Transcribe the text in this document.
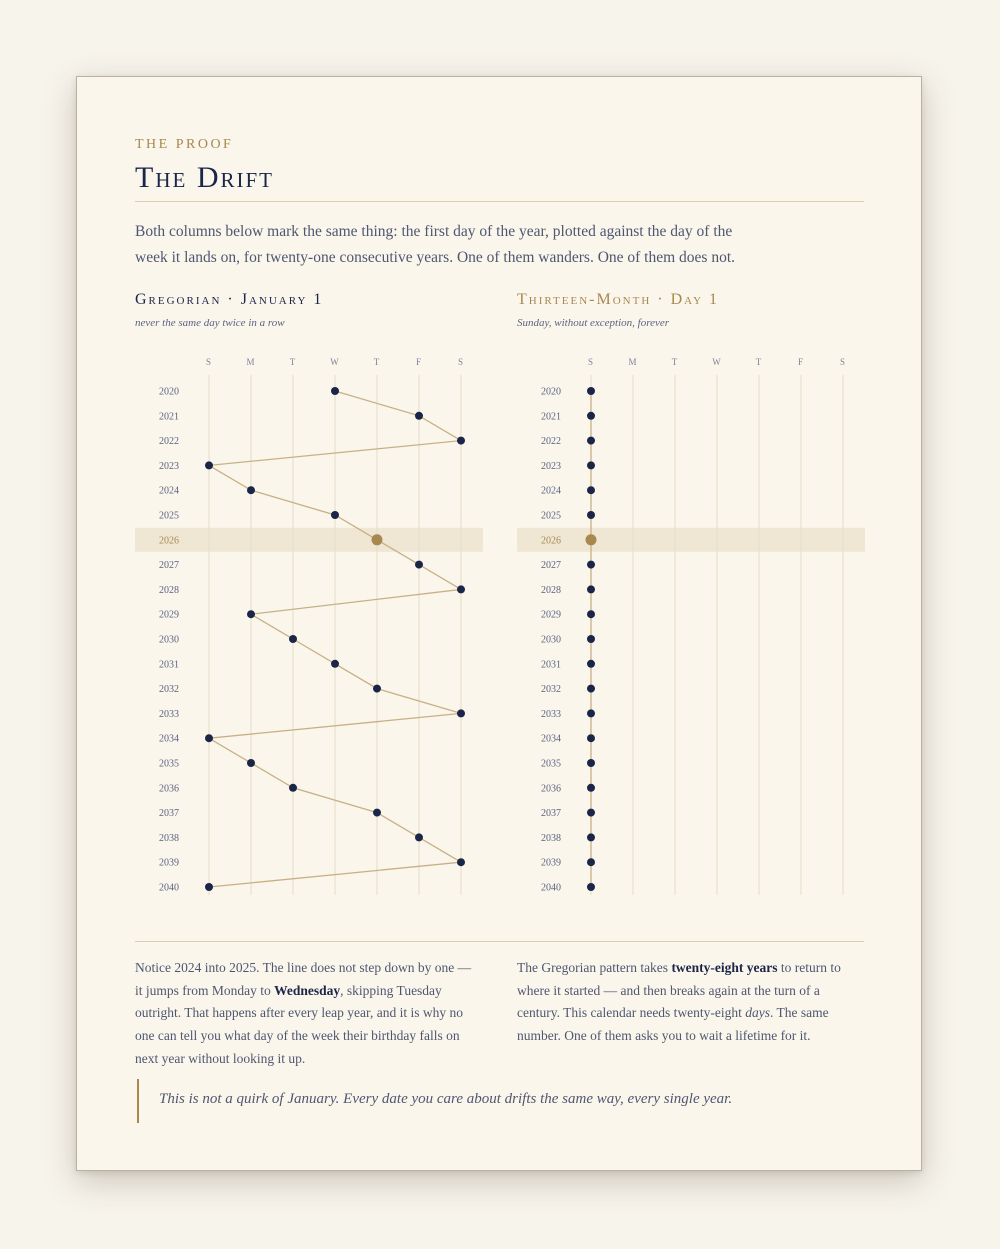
THE PROOF
The Drift
Both columns below mark the same thing: the first day of the year, plotted against the day of the week it lands on, for twenty-one consecutive years. One of them wanders. One of them does not.
Gregorian · January 1
never the same day twice in a row
Thirteen-Month · Day 1
Sunday, without exception, forever
S	M	T	W	T	F	S
2020
2021
2022
2023
2024
2025
2026
2027
2028
2029
2030
2031
2032
2033
2034
2035
2036
2037
2038
2039
2040
S	M	T	W	T	F	S
2020
2021
2022
2023
2024
2025
2026
2027
2028
2029
2030
2031
2032
2033
2034
2035
2036
2037
2038
2039
2040
Notice 2024 into 2025. The line does not step down by one — it jumps from Monday to Wednesday, skipping Tuesday outright. That happens after every leap year, and it is why no one can tell you what day of the week their birthday falls on next year without looking it up.
The Gregorian pattern takes twenty-eight years to return to where it started — and then breaks again at the turn of a century. This calendar needs twenty-eight days. The same number. One of them asks you to wait a lifetime for it.
This is not a quirk of January. Every date you care about drifts the same way, every single year.
